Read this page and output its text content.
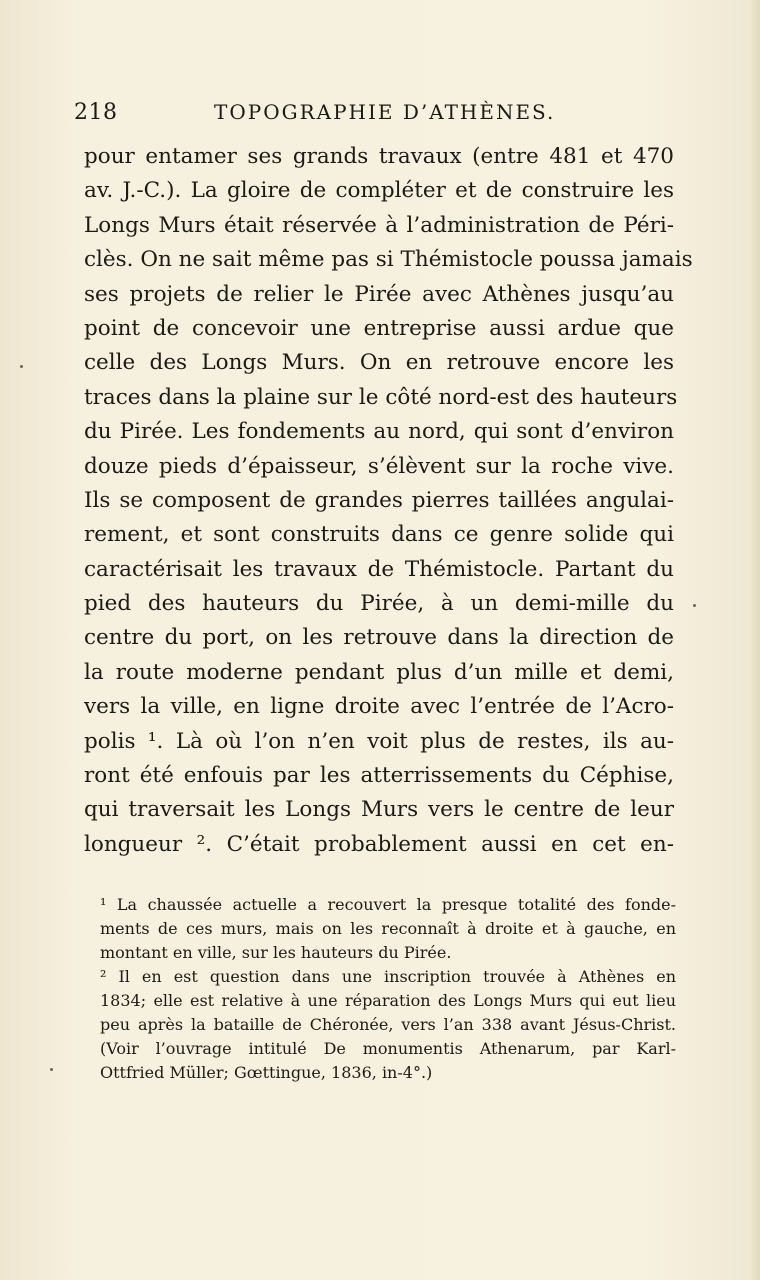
218	TOPOGRAPHIE D’ATHÈNES.
pour entamer ses grands travaux (entre 481 et 470
av. J.-C.). La gloire de compléter et de construire les
Longs Murs était réservée à l’administration de Péri-
clès. On ne sait même pas si Thémistocle poussa jamais
ses projets de relier le Pirée avec Athènes jusqu’au
point de concevoir une entreprise aussi ardue que
celle des Longs Murs. On en retrouve encore les
traces dans la plaine sur le côté nord-est des hauteurs
du Pirée. Les fondements au nord, qui sont d’environ
douze pieds d’épaisseur, s’élèvent sur la roche vive.
Ils se composent de grandes pierres taillées angulai-
rement, et sont construits dans ce genre solide qui
caractérisait les travaux de Thémistocle. Partant du
pied des hauteurs du Pirée, à un demi-mille du
centre du port, on les retrouve dans la direction de
la route moderne pendant plus d’un mille et demi,
vers la ville, en ligne droite avec l’entrée de l’Acro-
polis ¹. Là où l’on n’en voit plus de restes, ils au-
ront été enfouis par les atterrissements du Céphise,
qui traversait les Longs Murs vers le centre de leur
longueur ². C’était probablement aussi en cet en-
¹ La chaussée actuelle a recouvert la presque totalité des fonde-
ments de ces murs, mais on les reconnaît à droite et à gauche, en
montant en ville, sur les hauteurs du Pirée.
² Il en est question dans une inscription trouvée à Athènes en
1834; elle est relative à une réparation des Longs Murs qui eut lieu
peu après la bataille de Chéronée, vers l’an 338 avant Jésus-Christ.
(Voir l’ouvrage intitulé De monumentis Athenarum, par Karl-
Ottfried Müller; Gœttingue, 1836, in-4°.)
